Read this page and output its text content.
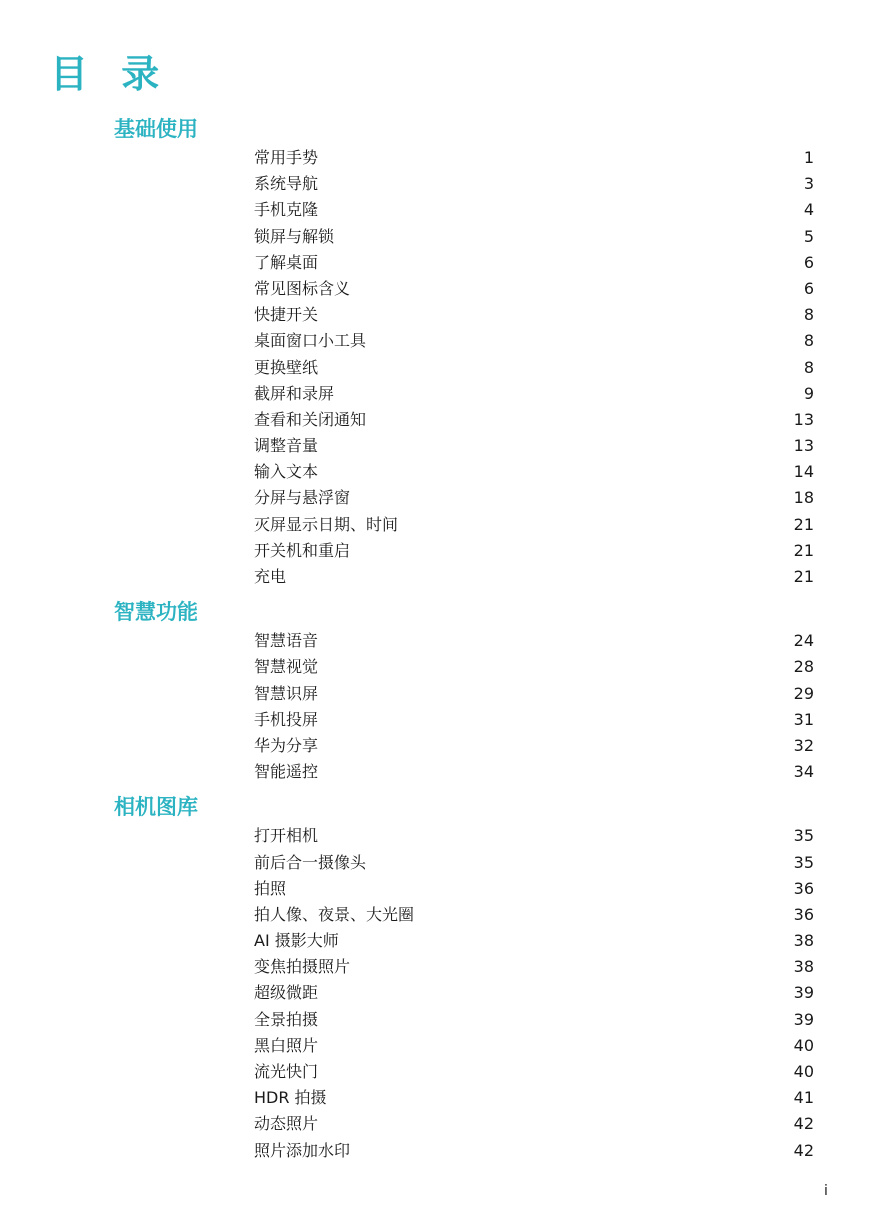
目 录
基础使用
常用手势	1
系统导航	3
手机克隆	4
锁屏与解锁	5
了解桌面	6
常见图标含义	6
快捷开关	8
桌面窗口小工具	8
更换壁纸	8
截屏和录屏	9
查看和关闭通知	13
调整音量	13
输入文本	14
分屏与悬浮窗	18
灭屏显示日期、时间	21
开关机和重启	21
充电	21
智慧功能
智慧语音	24
智慧视觉	28
智慧识屏	29
手机投屏	31
华为分享	32
智能遥控	34
相机图库
打开相机	35
前后合一摄像头	35
拍照	36
拍人像、夜景、大光圈	36
AI 摄影大师	38
变焦拍摄照片	38
超级微距	39
全景拍摄	39
黑白照片	40
流光快门	40
HDR 拍摄	41
动态照片	42
照片添加水印	42
i
